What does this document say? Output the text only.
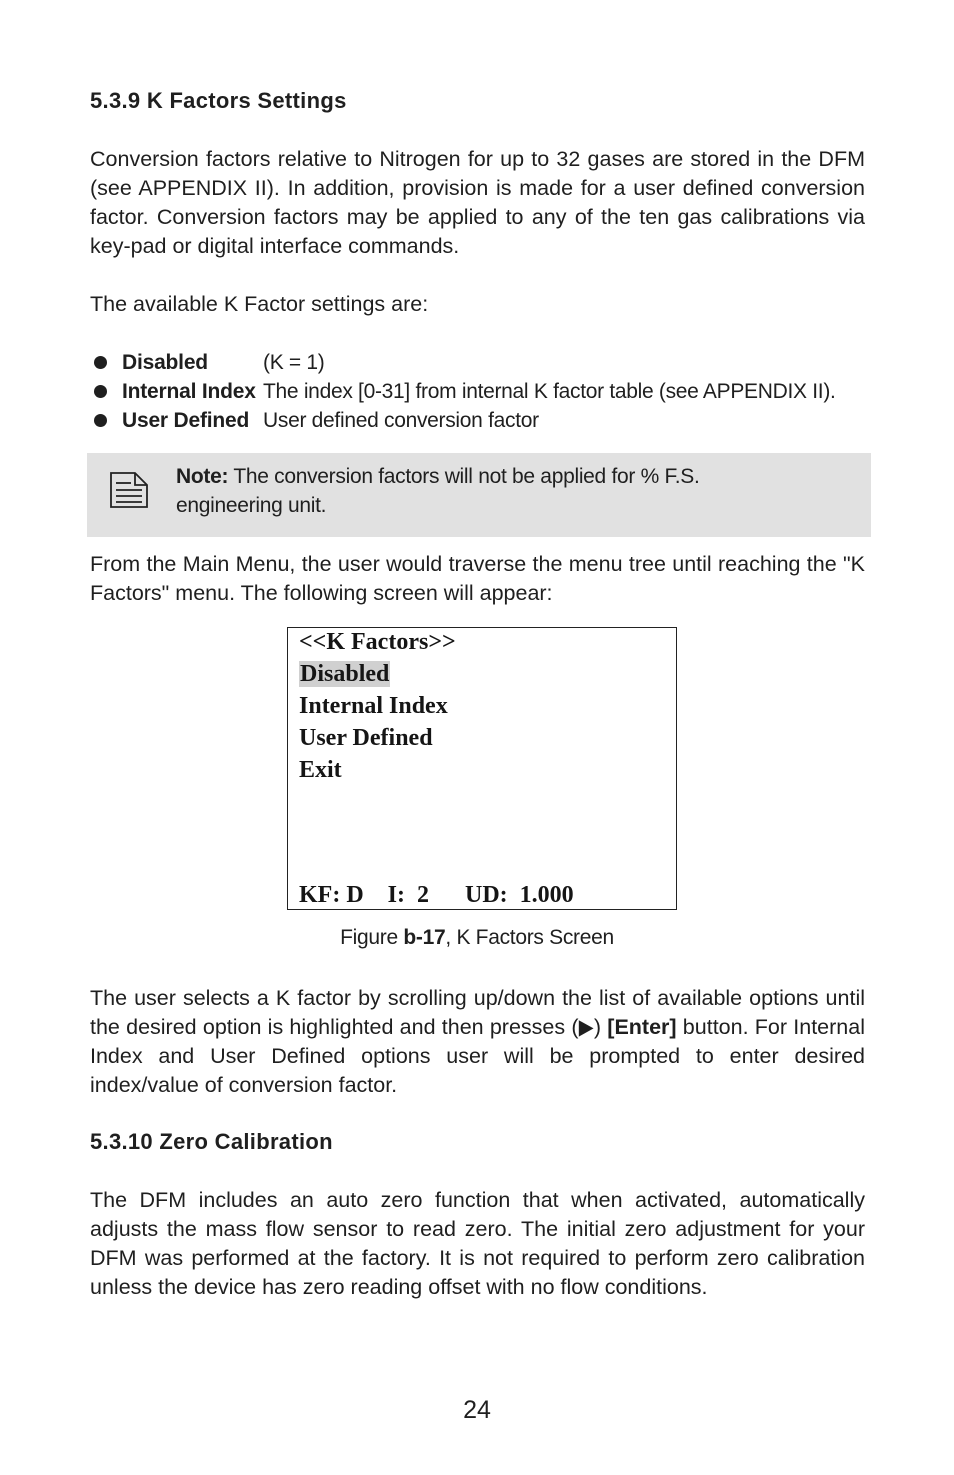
5.3.9 K Factors Settings

Conversion factors relative to Nitrogen for up to 32 gases are stored in the DFM (see APPENDIX II). In addition, provision is made for a user defined conversion factor. Conversion factors may be applied to any of the ten gas calibrations via key-pad or digital interface commands.

The available K Factor settings are:

Disabled	(K = 1)
Internal Index The index [0-31] from internal K factor table (see APPENDIX II).
User Defined User defined conversion factor
Note: The conversion factors will not be applied for % F.S.
engineering unit.

From the Main Menu, the user would traverse the menu tree until reaching the "K Factors" menu. The following screen will appear:

<<K Factors>>
Disabled
Internal Index
User Defined
Exit
KF: D    I:  2      UD:  1.000
Figure b-17, K Factors Screen

The user selects a K factor by scrolling up/down the list of available options until the desired option is highlighted and then presses (▶) [Enter] button. For Internal Index and User Defined options user will be prompted to enter desired index/value of conversion factor.

5.3.10 Zero Calibration

The DFM includes an auto zero function that when activated, automatically adjusts the mass flow sensor to read zero. The initial zero adjustment for your DFM was performed at the factory. It is not required to perform zero calibration unless the device has zero reading offset with no flow conditions.

24
